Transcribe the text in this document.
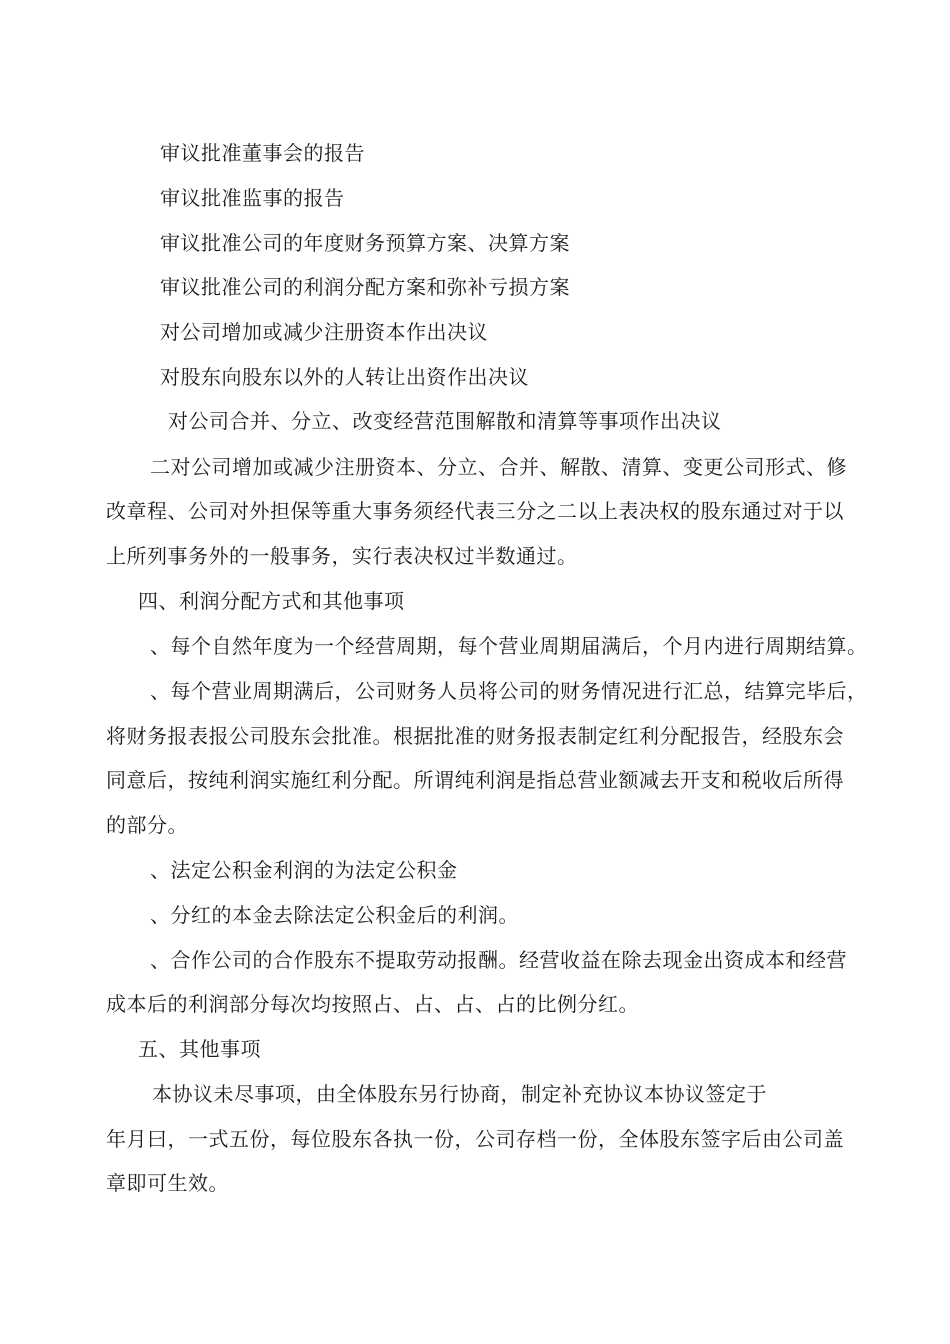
审议批准董事会的报告
审议批准监事的报告
审议批准公司的年度财务预算方案、决算方案
审议批准公司的利润分配方案和弥补亏损方案
对公司增加或减少注册资本作出决议
对股东向股东以外的人转让出资作出决议
对公司合并、分立、改变经营范围解散和清算等事项作出决议
二对公司增加或减少注册资本、分立、合并、解散、清算、变更公司形式、修
改章程、公司对外担保等重大事务须经代表三分之二以上表决权的股东通过对于以
上所列事务外的一般事务，实行表决权过半数通过。
四、利润分配方式和其他事项
、每个自然年度为一个经营周期，每个营业周期届满后，个月内进行周期结算。
、每个营业周期满后，公司财务人员将公司的财务情况进行汇总，结算完毕后，
将财务报表报公司股东会批准。根据批准的财务报表制定红利分配报告，经股东会
同意后，按纯利润实施红利分配。所谓纯利润是指总营业额减去开支和税收后所得
的部分。
、法定公积金利润的为法定公积金
、分红的本金去除法定公积金后的利润。
、合作公司的合作股东不提取劳动报酬。经营收益在除去现金出资成本和经营
成本后的利润部分每次均按照占、占、占、占的比例分红。
五、其他事项
本协议未尽事项，由全体股东另行协商，制定补充协议本协议签定于
年月曰，一式五份，每位股东各执一份，公司存档一份，全体股东签字后由公司盖
章即可生效。
